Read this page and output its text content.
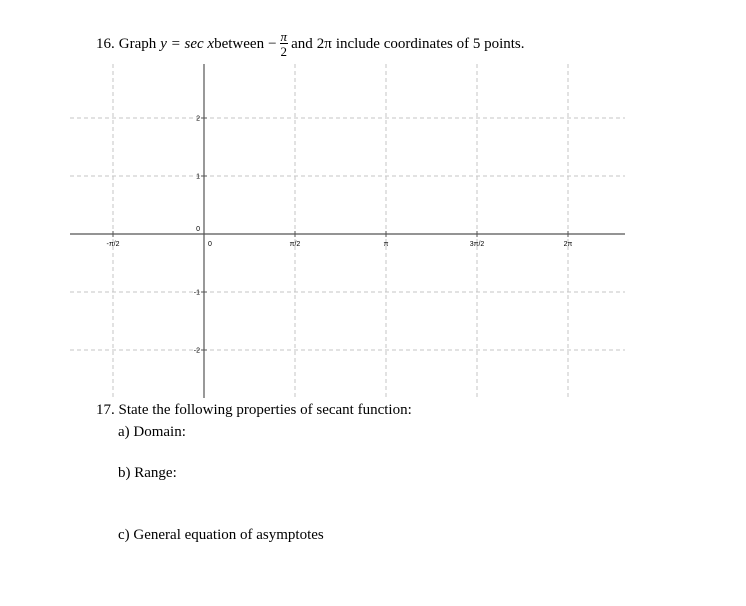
16. Graph y = sec x between − $\frac{\pi}{2}$ and 2π include coordinates of 5 points.
-π/2	0	π/2	π	3π/2	2π
2
1
0
-1
-2
17. State the following properties of secant function:
a) Domain:
b) Range:
c) General equation of asymptotes
